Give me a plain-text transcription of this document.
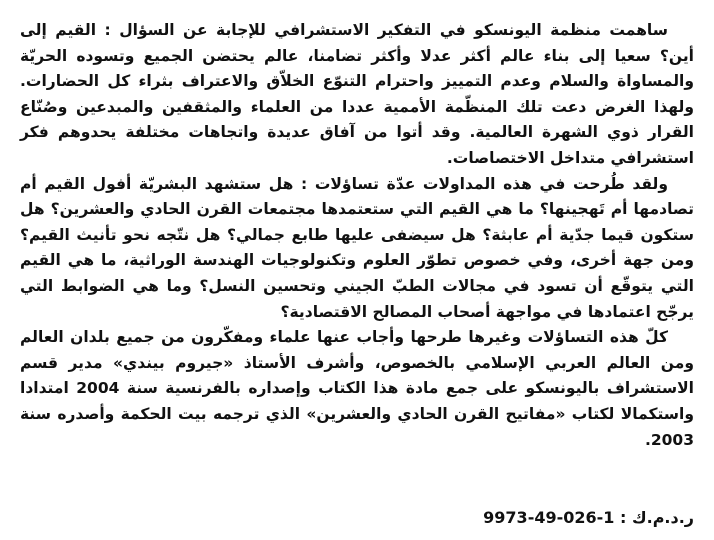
ساهمت منظمة اليونسكو في التفكير الاستشرافي للإجابة عن السؤال : القيم إلى أين؟ سعيا إلى بناء عالم أكثر عدلا وأكثر تضامنا، عالم يحتضن الجميع وتسوده الحريّة والمساواة والسلام وعدم التمييز واحترام التنوّع الخلاّق والاعتراف بثراء كل الحضارات. ولهذا الغرض دعت تلك المنظّمة الأممية عددا من العلماء والمثقفين والمبدعين وصُنّاع القرار ذوي الشهرة العالمية. وقد أتوا من آفاق عديدة واتجاهات مختلفة يحدوهم فكر استشرافي متداخل الاختصاصات.

ولقد طُرحت في هذه المداولات عدّة تساؤلات : هل ستشهد البشريّة أفول القيم أم تصادمها أم تَهجينها؟ ما هي القيم التي ستعتمدها مجتمعات القرن الحادي والعشرين؟ هل ستكون قيما جدّية أم عابثة؟ هل سيضفى عليها طابع جمالي؟ هل نتّجه نحو تأنيث القيم؟ ومن جهة أخرى، وفي خصوص تطوّر العلوم وتكنولوجيات الهندسة الوراثية، ما هي القيم التي يتوقّع أن تسود في مجالات الطبّ الجيني وتحسين النسل؟ وما هي الضوابط التي يرجّح اعتمادها في مواجهة أصحاب المصالح الاقتصادية؟

كلّ هذه التساؤلات وغيرها طرحها وأجاب عنها علماء ومفكّرون من جميع بلدان العالم ومن العالم العربي الإسلامي بالخصوص، وأشرف الأستاذ «جيروم بيندي» مدير قسم الاستشراف باليونسكو على جمع مادة هذا الكتاب وإصداره بالفرنسية سنة 2004 امتدادا واستكمالا لكتاب «مفاتيح القرن الحادي والعشرين» الذي ترجمه بيت الحكمة وأصدره سنة 2003.

ر.د.م.ك : 9973-49-026-1
